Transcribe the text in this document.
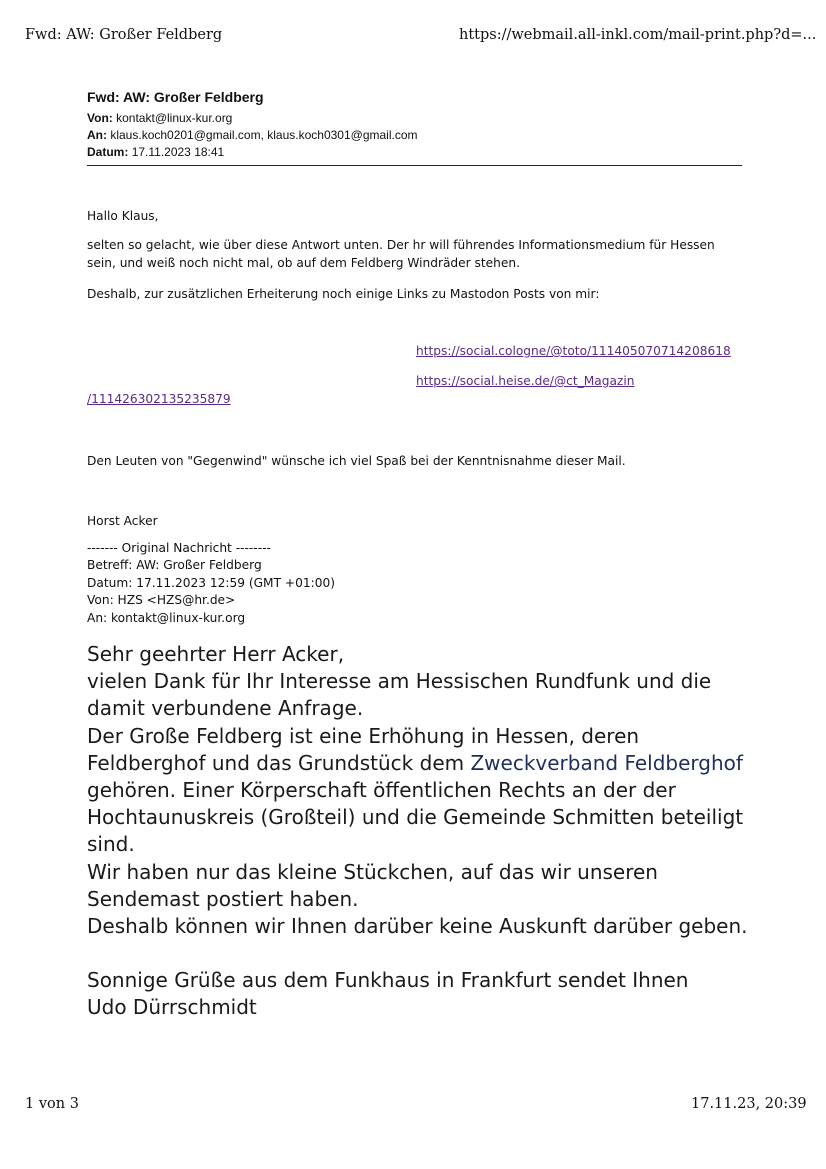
Fwd: AW: Großer Feldberg	https://webmail.all-inkl.com/mail-print.php?d=...
1 von 3	17.11.23, 20:39
Fwd: AW: Großer Feldberg
Von: kontakt@linux-kur.org
An: klaus.koch0201@gmail.com, klaus.koch0301@gmail.com
Datum: 17.11.2023 18:41
Hallo Klaus,
selten so gelacht, wie über diese Antwort unten. Der hr will führendes Informationsmedium für Hessen sein, und weiß noch nicht mal, ob auf dem Feldberg Windräder stehen.
Deshalb, zur zusätzlichen Erheiterung noch einige Links zu Mastodon Posts von mir:
https://social.cologne/@toto/111405070714208618
https://social.heise.de/@ct_Magazin
/111426302135235879
Den Leuten von "Gegenwind" wünsche ich viel Spaß bei der Kenntnisnahme dieser Mail.
Horst Acker
------- Original Nachricht --------
Betreff: AW: Großer Feldberg
Datum: 17.11.2023 12:59 (GMT +01:00)
Von: HZS <HZS@hr.de>
An: kontakt@linux-kur.org
Sehr geehrter Herr Acker,
vielen Dank für Ihr Interesse am Hessischen Rundfunk und die
damit verbundene Anfrage.
Der Große Feldberg ist eine Erhöhung in Hessen, deren
Feldberghof und das Grundstück dem Zweckverband Feldberghof
gehören. Einer Körperschaft öffentlichen Rechts an der der
Hochtaunuskreis (Großteil) und die Gemeinde Schmitten beteiligt
sind.
Wir haben nur das kleine Stückchen, auf das wir unseren
Sendemast postiert haben.
Deshalb können wir Ihnen darüber keine Auskunft darüber geben.
Sonnige Grüße aus dem Funkhaus in Frankfurt sendet Ihnen
Udo Dürrschmidt
